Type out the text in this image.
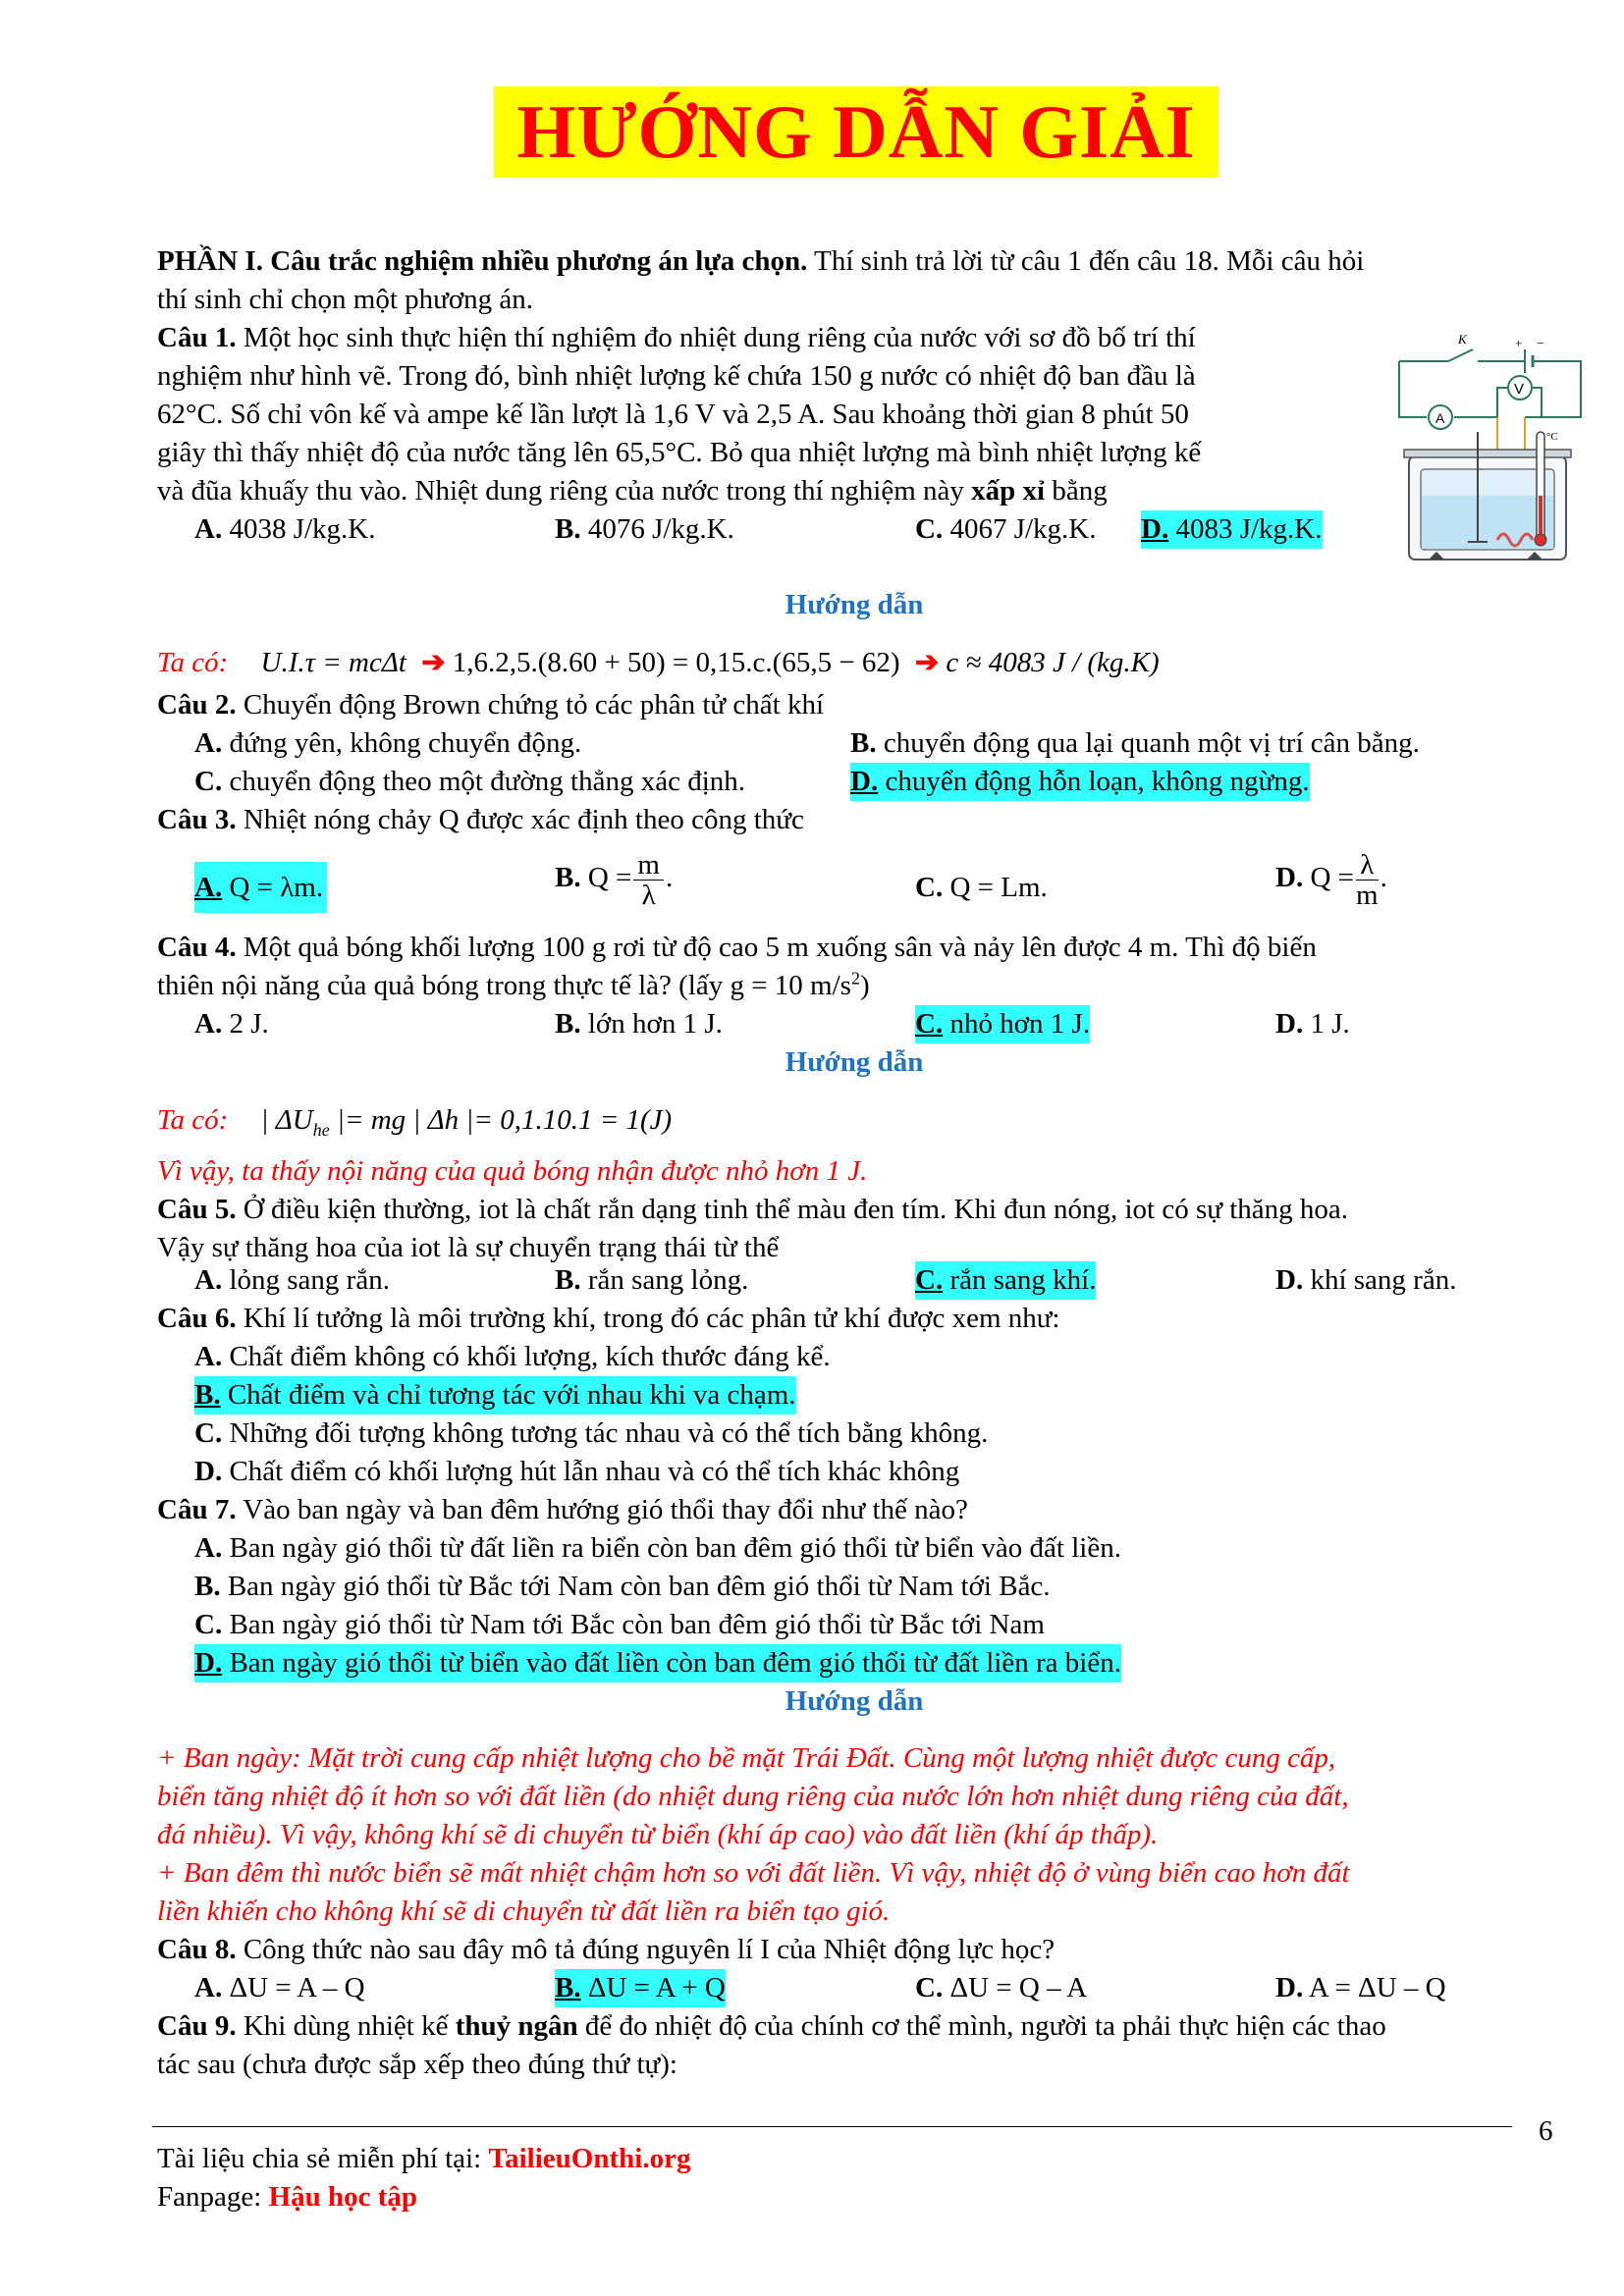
HƯỚNG DẪN GIẢI
PHẦN I. Câu trắc nghiệm nhiều phương án lựa chọn. Thí sinh trả lời từ câu 1 đến câu 18. Mỗi câu hỏi
thí sinh chỉ chọn một phương án.
Câu 1. Một học sinh thực hiện thí nghiệm đo nhiệt dung riêng của nước với sơ đồ bố trí thí
nghiệm như hình vẽ. Trong đó, bình nhiệt lượng kế chứa 150 g nước có nhiệt độ ban đầu là
62°C. Số chỉ vôn kế và ampe kế lần lượt là 1,6 V và 2,5 A. Sau khoảng thời gian 8 phút 50
giây thì thấy nhiệt độ của nước tăng lên 65,5°C. Bỏ qua nhiệt lượng mà bình nhiệt lượng kế
và đũa khuấy thu vào. Nhiệt dung riêng của nước trong thí nghiệm này xấp xỉ bằng
A. 4038 J/kg.K.	B. 4076 J/kg.K.	C. 4067 J/kg.K. D. 4083 J/kg.K.
V
A
K	+ −
°C
Hướng dẫn
Ta có: U.I.τ = mcΔt ➔ 1,6.2,5.(8.60 + 50) = 0,15.c.(65,5 − 62) ➔ c ≈ 4083 J / (kg.K)
Câu 2. Chuyển động Brown chứng tỏ các phân tử chất khí
A. đứng yên, không chuyển động.	B. chuyển động qua lại quanh một vị trí cân bằng.
C. chuyển động theo một đường thẳng xác định.	D. chuyển động hỗn loạn, không ngừng.
Câu 3. Nhiệt nóng chảy Q được xác định theo công thức
A. Q = λm.	B. $Q = \frac{m}{\lambda}$ .	C. Q = Lm.	D. $Q = \frac{\lambda}{m}$ .
Câu 4. Một quả bóng khối lượng 100 g rơi từ độ cao 5 m xuống sân và nảy lên được 4 m. Thì độ biến
thiên nội năng của quả bóng trong thực tế là? (lấy g = 10 $m/s^2$)
A. 2 J.	B. lớn hơn 1 J.	C. nhỏ hơn 1 J.	D. 1 J.
Hướng dẫn
Ta có: | $\Delta U_{he}$ |= mg | Δh |= 0,1.10.1 = 1(J)
Vì vậy, ta thấy nội năng của quả bóng nhận được nhỏ hơn 1 J.
Câu 5. Ở điều kiện thường, iot là chất rắn dạng tinh thể màu đen tím. Khi đun nóng, iot có sự thăng hoa.
Vậy sự thăng hoa của iot là sự chuyển trạng thái từ thể
A. lỏng sang rắn.	B. rắn sang lỏng.	C. rắn sang khí.	D. khí sang rắn.
Câu 6. Khí lí tưởng là môi trường khí, trong đó các phân tử khí được xem như:
A. Chất điểm không có khối lượng, kích thước đáng kể.
B. Chất điểm và chỉ tương tác với nhau khi va chạm.
C. Những đối tượng không tương tác nhau và có thể tích bằng không.
D. Chất điểm có khối lượng hút lẫn nhau và có thể tích khác không
Câu 7. Vào ban ngày và ban đêm hướng gió thổi thay đổi như thế nào?
A. Ban ngày gió thổi từ đất liền ra biển còn ban đêm gió thổi từ biển vào đất liền.
B. Ban ngày gió thổi từ Bắc tới Nam còn ban đêm gió thổi từ Nam tới Bắc.
C. Ban ngày gió thổi từ Nam tới Bắc còn ban đêm gió thổi từ Bắc tới Nam
D. Ban ngày gió thổi từ biển vào đất liền còn ban đêm gió thổi từ đất liền ra biển.
Hướng dẫn
+ Ban ngày: Mặt trời cung cấp nhiệt lượng cho bề mặt Trái Đất. Cùng một lượng nhiệt được cung cấp,
biển tăng nhiệt độ ít hơn so với đất liền (do nhiệt dung riêng của nước lớn hơn nhiệt dung riêng của đất,
đá nhiều). Vì vậy, không khí sẽ di chuyển từ biển (khí áp cao) vào đất liền (khí áp thấp).
+ Ban đêm thì nước biển sẽ mất nhiệt chậm hơn so với đất liền. Vì vậy, nhiệt độ ở vùng biển cao hơn đất
liền khiến cho không khí sẽ di chuyển từ đất liền ra biển tạo gió.
Câu 8. Công thức nào sau đây mô tả đúng nguyên lí I của Nhiệt động lực học?
A. ΔU = A – Q	B. ΔU = A + Q	C. ΔU = Q – A	D. A = ΔU – Q
Câu 9. Khi dùng nhiệt kế thuỷ ngân để đo nhiệt độ của chính cơ thể mình, người ta phải thực hiện các thao
tác sau (chưa được sắp xếp theo đúng thứ tự):
Tài liệu chia sẻ miễn phí tại: TailieuOnthi.org
Fanpage: Hậu học tập
6
